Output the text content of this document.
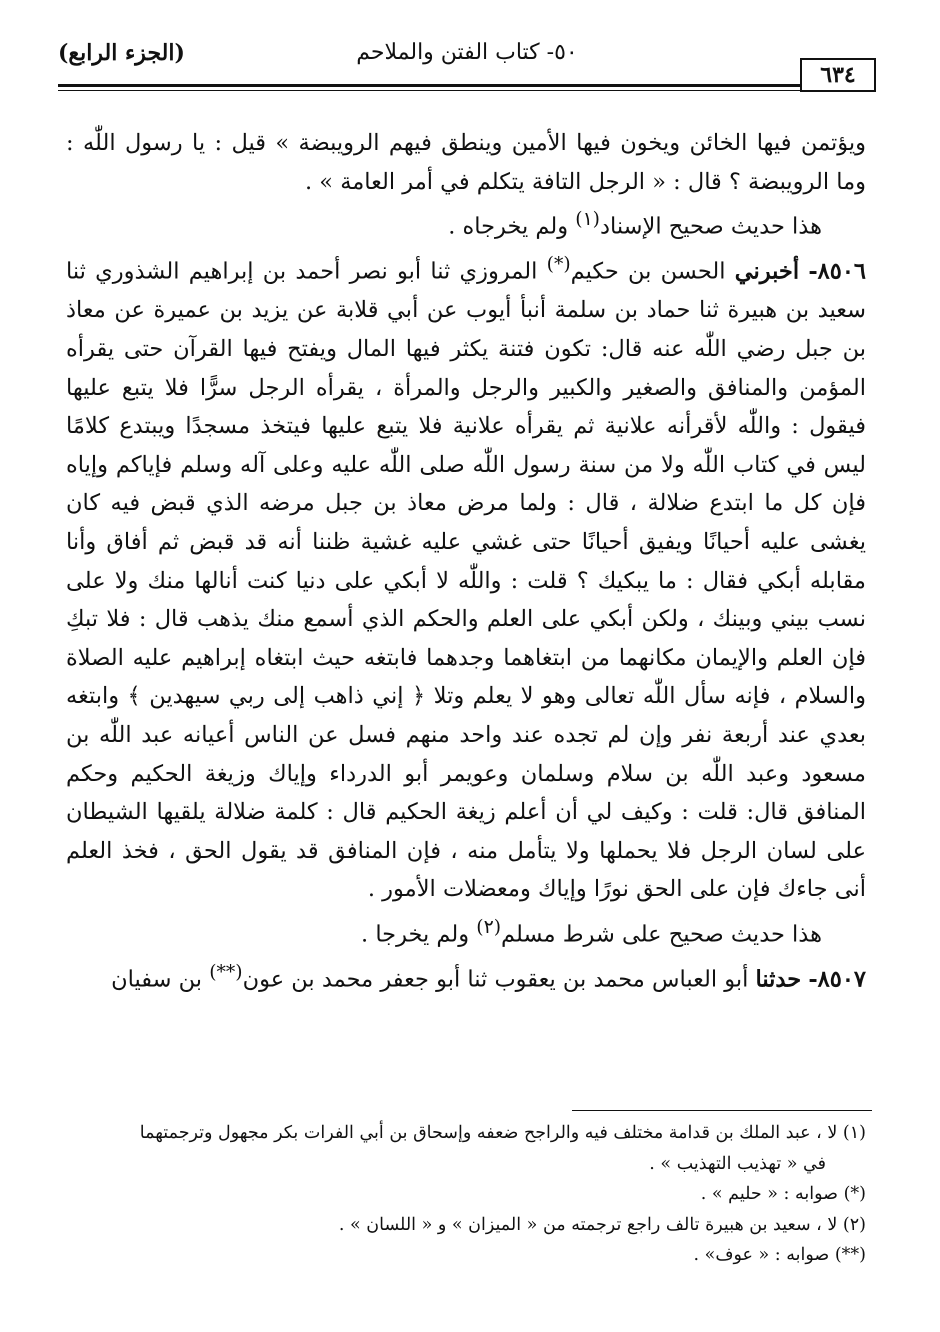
٦٣٤
٥٠- كتاب الفتن والملاحم
(الجزء الرابع)

ويؤتمن فيها الخائن ويخون فيها الأمين وينطق فيهم الرويبضة » قيل : يا رسول اللّٰه : وما الرويبضة ؟ قال : « الرجل التافة يتكلم في أمر العامة » .

هذا حديث صحيح الإسناد$^{(١)}$ ولم يخرجاه .

٨٥٠٦- أخبرني الحسن بن حكيم(*) المروزي ثنا أبو نصر أحمد بن إبراهيم الشذوري ثنا سعيد بن هبيرة ثنا حماد بن سلمة أنبأ أيوب عن أبي قلابة عن يزيد بن عميرة عن معاذ بن جبل رضي اللّٰه عنه قال: تكون فتنة يكثر فيها المال ويفتح فيها القرآن حتى يقرأه المؤمن والمنافق والصغير والكبير والرجل والمرأة ، يقرأه الرجل سرًّا فلا يتبع عليها فيقول : واللّٰه لأقرأنه علانية ثم يقرأه علانية فلا يتبع عليها فيتخذ مسجدًا ويبتدع كلامًا ليس في كتاب اللّٰه ولا من سنة رسول اللّٰه صلى اللّٰه عليه وعلى آله وسلم فإياكم وإياه فإن كل ما ابتدع ضلالة ، قال : ولما مرض معاذ بن جبل مرضه الذي قبض فيه كان يغشى عليه أحيانًا ويفيق أحيانًا حتى غشي عليه غشية ظننا أنه قد قبض ثم أفاق وأنا مقابله أبكي فقال : ما يبكيك ؟ قلت : واللّٰه لا أبكي على دنيا كنت أنالها منك ولا على نسب بيني وبينك ، ولكن أبكي على العلم والحكم الذي أسمع منك يذهب قال : فلا تبكِ فإن العلم والإيمان مكانهما من ابتغاهما وجدهما فابتغه حيث ابتغاه إبراهيم عليه الصلاة والسلام ، فإنه سأل اللّٰه تعالى وهو لا يعلم وتلا ﴿ إني ذاهب إلى ربي سيهدين ﴾ وابتغه بعدي عند أربعة نفر وإن لم تجده عند واحد منهم فسل عن الناس أعيانه عبد اللّٰه بن مسعود وعبد اللّٰه بن سلام وسلمان وعويمر أبو الدرداء وإياك وزيغة الحكيم وحكم المنافق قال: قلت : وكيف لي أن أعلم زيغة الحكيم قال : كلمة ضلالة يلقيها الشيطان على لسان الرجل فلا يحملها ولا يتأمل منه ، فإن المنافق قد يقول الحق ، فخذ العلم أنى جاءك فإن على الحق نورًا وإياك ومعضلات الأمور .

هذا حديث صحيح على شرط مسلم$^{(٢)}$ ولم يخرجا .

٨٥٠٧- حدثنا أبو العباس محمد بن يعقوب ثنا أبو جعفر محمد بن عون(**) بن سفيان

(١) لا ، عبد الملك بن قدامة مختلف فيه والراجح ضعفه وإسحاق بن أبي الفرات بكر مجهول وترجمتهما

في « تهذيب التهذيب » .

(*) صوابه : « حليم » .

(٢) لا ، سعيد بن هبيرة تالف راجع ترجمته من « الميزان » و « اللسان » .

(**) صوابه : « عوف» .
